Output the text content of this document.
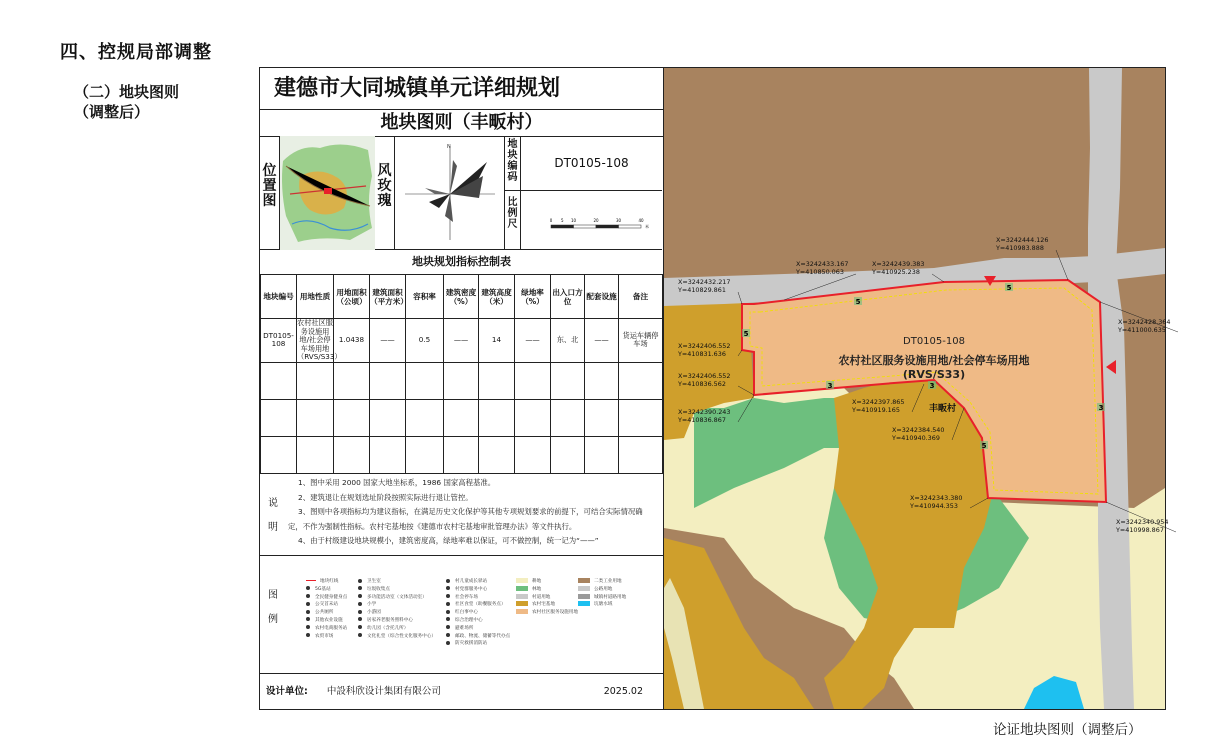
四、控规局部调整
（二）地块图则
（调整后）
建德市大同城镇单元详细规划
地块图则（丰畈村）
位
置
图
风
玫
瑰
N	地
块
编
码
DT0105-108
比
例
尺	0 5 10	20	30	40
米
地块规划指标控制表
地块编号	用地性质	用地面积（公顷）	建筑面积（平方米）	容积率	建筑密度（%）	建筑高度（米）	绿地率（%）	出入口方位	配套设施	备注
DT0105-108	农村社区服务设施用地/社会停车场用地（RVS/S33）	1.0438	——	0.5	——	14	——	东、北	——	货运车辆停车场

说
明
1、图中采用 2000 国家大地坐标系，1986 国家高程基准。
2、建筑退让在规划选址阶段按照实际进行退让管控。
3、图则中各项指标均为建议指标，在满足历史文化保护等其他专项规划要求的前提下，可结合实际情况确定，不作为强制性指标。农村宅基地按《建德市农村宅基地审批管理办法》等文件执行。
4、由于村级建设地块规模小，建筑密度高，绿地率难以保证，可不做控制，统一记为“——”
图
例
地块红线
5G基站
全民健身健身点
公交首末站
公共厕所
其他农业设施
农村电商服务站
农贸市场
卫生室
垃圾收集点
多功能活动室（文体活动室）
小学
小游园
居家养老服务照料中心
幼儿园（含托儿所）
文化礼堂（综合性文化服务中心）
村儿童成长驿站
村党群服务中心
社会停车场
社区食堂（助餐服务点）
红白事中心
综合治理中心
避难场所
邮政、物流、储蓄等代办点
防灾救援消防站
耕地
林地
村道用地
农村宅基地
农村社区服务设施用地
二类工业用地
公路用地
城镇村道路用地
坑塘水域
设计单位: 中設科欣设计集团有限公司	2025.02
5
5
5
3
3	3
5
DT0105-108
农村社区服务设施用地/社会停车场用地
(RVS/S33)
丰畈村
X=3242432.217
Y=410829.861
X=3242433.167
Y=410850.063
X=3242439.383
Y=410925.238
X=3242444.126
Y=410983.888
X=3242428.364
Y=411000.635
X=3242406.552
Y=410831.636
X=3242406.552
Y=410836.562
X=3242397.865
Y=410919.165
X=3242390.243
Y=410836.867
X=3242384.540
Y=410940.369
X=3242343.380
Y=410944.353
X=3242340.954
Y=410998.867
论证地块图则（调整后）
